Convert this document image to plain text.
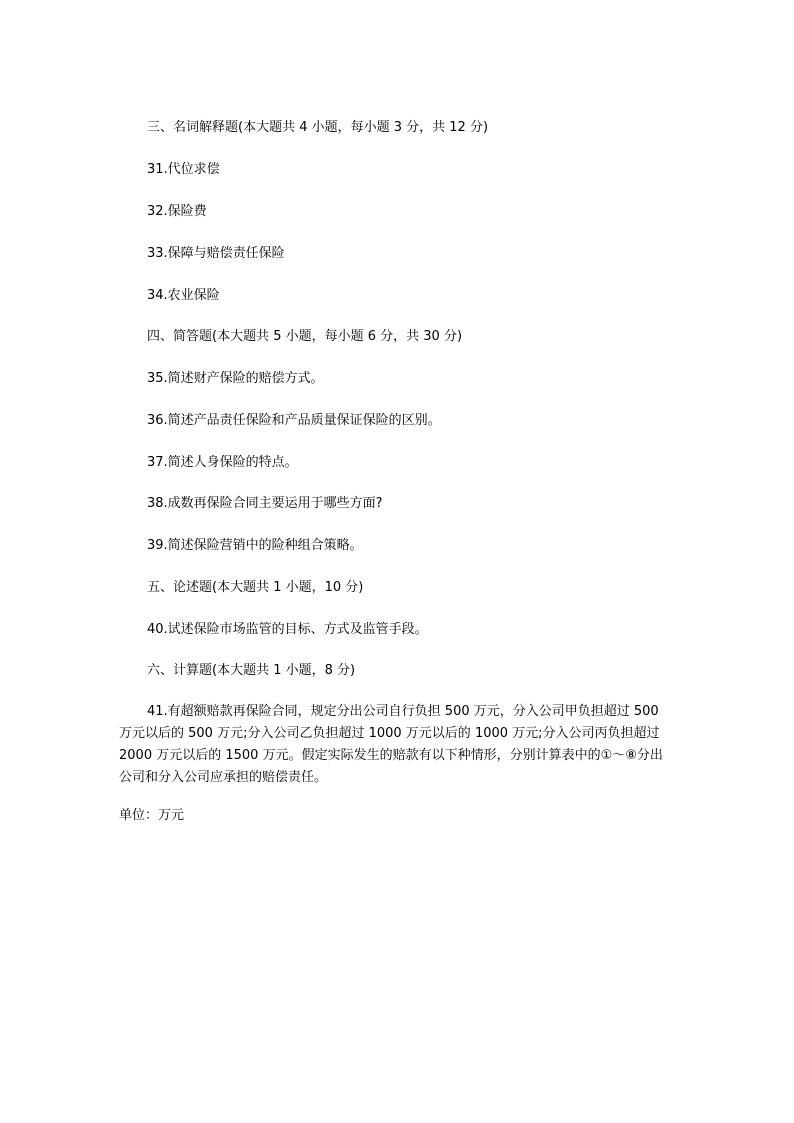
三、名词解释题(本大题共 4 小题，每小题 3 分，共 12 分)
31.代位求偿
32.保险费
33.保障与赔偿责任保险
34.农业保险
四、简答题(本大题共 5 小题，每小题 6 分，共 30 分)
35.简述财产保险的赔偿方式。
36.简述产品责任保险和产品质量保证保险的区别。
37.简述人身保险的特点。
38.成数再保险合同主要运用于哪些方面?
39.简述保险营销中的险种组合策略。
五、论述题(本大题共 1 小题，10 分)
40.试述保险市场监管的目标、方式及监管手段。
六、计算题(本大题共 1 小题，8 分)
41.有超额赔款再保险合同，规定分出公司自行负担 500 万元，分入公司甲负担超过 500 万元以后的 500 万元;分入公司乙负担超过 1000 万元以后的 1000 万元;分入公司丙负担超过 2000 万元以后的 1500 万元。假定实际发生的赔款有以下种情形，分别计算表中的①～⑧分出公司和分入公司应承担的赔偿责任。
单位：万元
